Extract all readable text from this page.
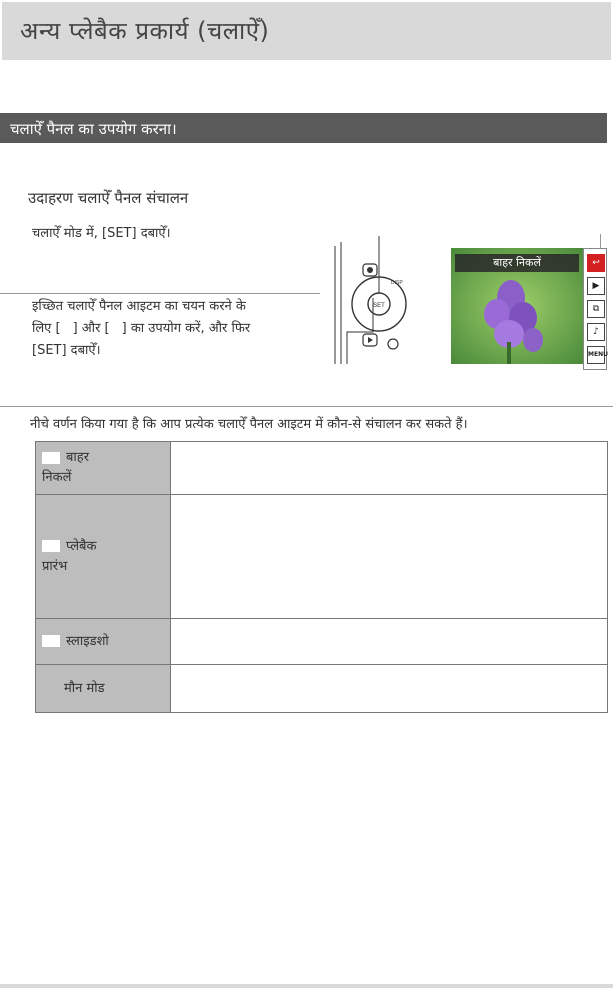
अन्य प्लेबैक प्रकार्य (चलाऐँ)
चलाऐँ पैनल का उपयोग करना।
उदाहरण चलाऐँ पैनल संचालन
चलाऐँ मोड में, [SET] दबाऐँ।
इच्छित चलाऐँ पैनल आइटम का चयन करने के
लिए [ ] और [ ] का उपयोग करें, और फिर
[SET] दबाऐँ।
SET
DISP
बाहर निकलें	↩
▶
⧉
♪
MENU
नीचे वर्णन किया गया है कि आप प्रत्येक चलाऐँ पैनल आइटम में कौन-से संचालन कर सकते हैं।
बाहर
निकलें	
प्लेबैक
प्रारंभ	
स्लाइडशो	
मौन मोड	
